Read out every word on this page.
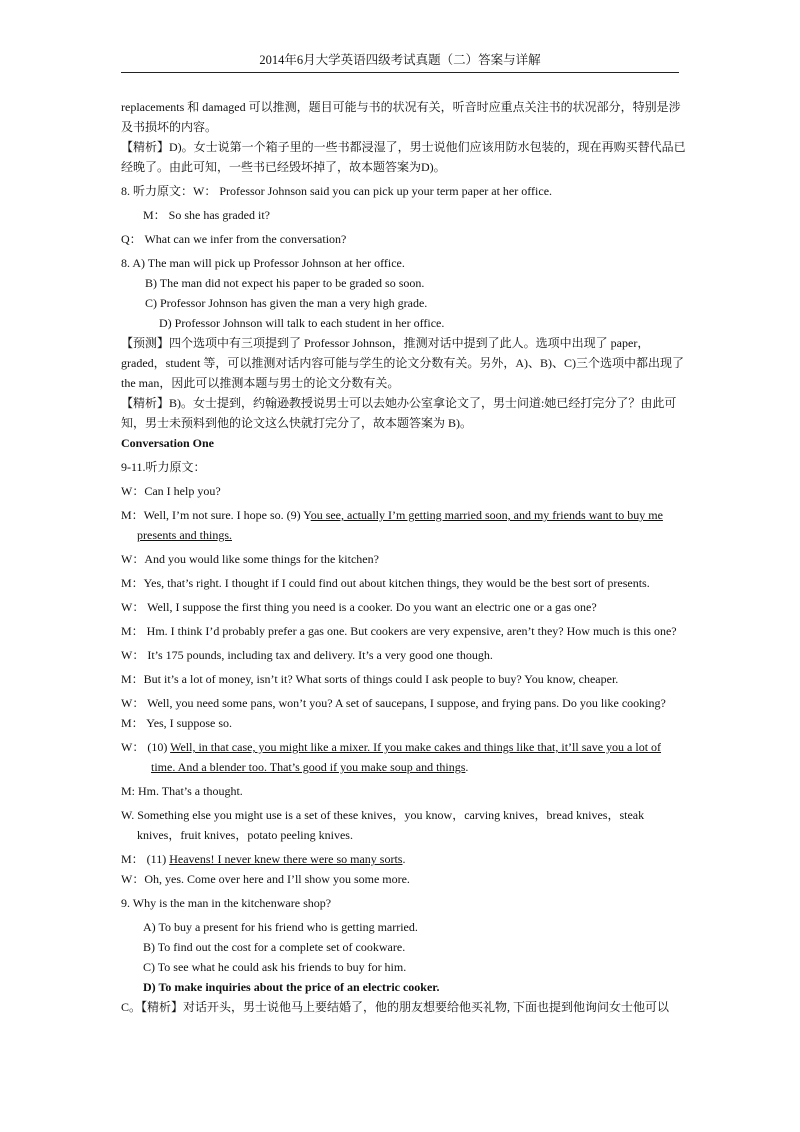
2014年6月大学英语四级考试真题（二）答案与详解

replacements 和 damaged 可以推测，题目可能与书的状况有关，听音时应重点关注书的状况部分，特别是涉及书损坏的内容。

【精析】D)。女士说第一个箱子里的一些书都浸湿了，男士说他们应该用防水包装的，现在再购买替代品已经晚了。由此可知，一些书已经毁坏掉了，故本题答案为D)。

8. 听力原文：W： Professor Johnson said you can pick up your term paper at her office.

M： So she has graded it?

Q： What can we infer from the conversation?

8. A) The man will pick up Professor Johnson at her office.

B) The man did not expect his paper to be graded so soon.

C) Professor Johnson has given the man a very high grade.

D) Professor Johnson will talk to each student in her office.

【预测】四个选项中有三项提到了 Professor Johnson，推测对话中提到了此人。选项中出现了 paper，graded，student 等，可以推测对话内容可能与学生的论文分数有关。另外，A)、B)、C)三个选项中都出现了 the man，因此可以推测本题与男士的论文分数有关。

【精析】B)。女士提到，约翰逊教授说男士可以去她办公室拿论文了，男士问道:她已经打完分了？由此可知，男士未预料到他的论文这么快就打完分了，故本题答案为 B)。

Conversation One

9-11.听力原文：

W：Can I help you?

M：Well, I’m not sure. I hope so. (9) You see, actually I’m getting married soon, and my friends want to buy me presents and things.

W：And you would like some things for the kitchen?

M：Yes, that’s right. I thought if I could find out about kitchen things, they would be the best sort of presents.

W： Well, I suppose the first thing you need is a cooker. Do you want an electric one or a gas one?

M： Hm. I think I’d probably prefer a gas one. But cookers are very expensive, aren’t they? How much is this one?

W： It’s 175 pounds, including tax and delivery. It’s a very good one though.

M：But it’s a lot of money, isn’t it? What sorts of things could I ask people to buy? You know, cheaper.

W： Well, you need some pans, won’t you? A set of saucepans, I suppose, and frying pans. Do you like cooking?

M： Yes, I suppose so.

W： (10) Well, in that case, you might like a mixer. If you make cakes and things like that, it’ll save you a lot of time. And a blender too. That’s good if you make soup and things.

M: Hm. That’s a thought.

W. Something else you might use is a set of these knives，you know，carving knives，bread knives，steak knives，fruit knives，potato peeling knives.

M： (11) Heavens! I never knew there were so many sorts.

W：Oh, yes. Come over here and I’ll show you some more.

9. Why is the man in the kitchenware shop?

A) To buy a present for his friend who is getting married.

B) To find out the cost for a complete set of cookware.

C) To see what he could ask his friends to buy for him.

D) To make inquiries about the price of an electric cooker.

C。【精析】对话开头，男士说他马上要结婚了，他的朋友想要给他买礼物, 下面也提到他询问女士他可以
